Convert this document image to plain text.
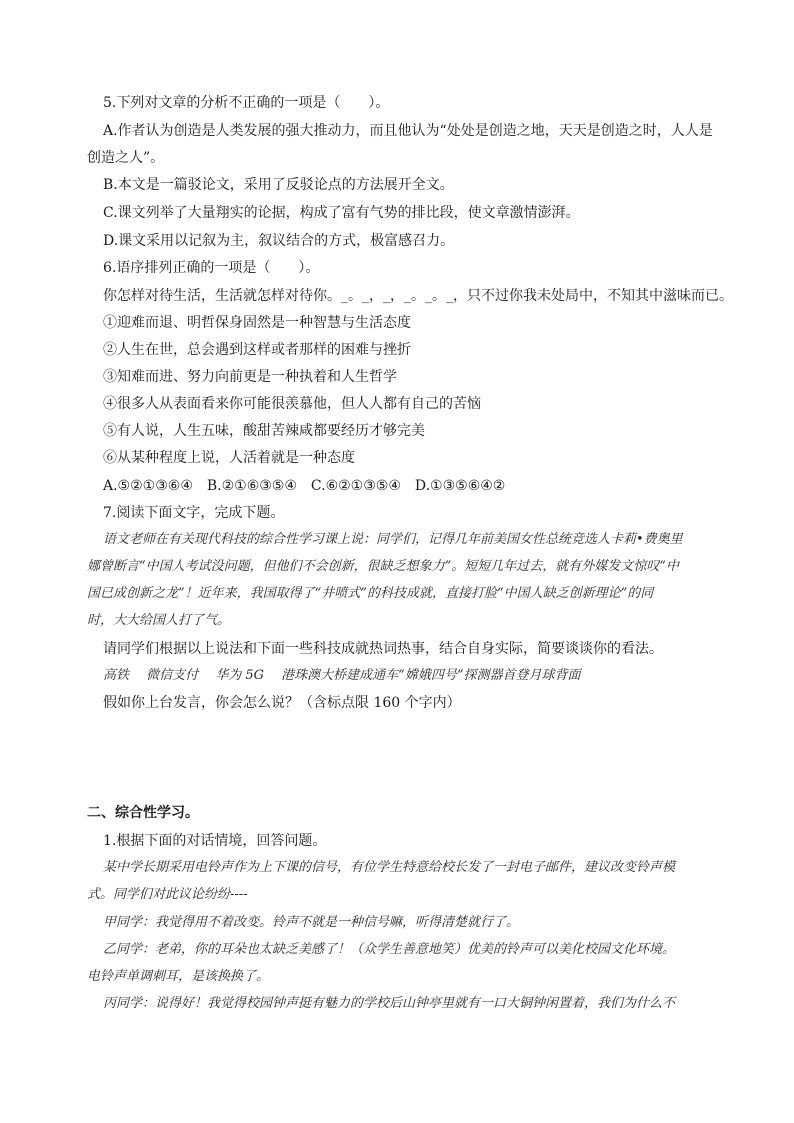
5.下列对文章的分析不正确的一项是（　　）。
A.作者认为创造是人类发展的强大推动力，而且他认为“处处是创造之地，天天是创造之时，人人是
创造之人”。
B.本文是一篇驳论文，采用了反驳论点的方法展开全文。
C.课文列举了大量翔实的论据，构成了富有气势的排比段，使文章激情澎湃。
D.课文采用以记叙为主，叙议结合的方式，极富感召力。
6.语序排列正确的一项是（　　）。
你怎样对待生活，生活就怎样对待你。_。_，_，_。_。_，只不过你我未处局中，不知其中滋味而已。
①迎难而退、明哲保身固然是一种智慧与生活态度
②人生在世，总会遇到这样或者那样的困难与挫折
③知难而进、努力向前更是一种执着和人生哲学
④很多人从表面看来你可能很羡慕他，但人人都有自己的苦恼
⑤有人说，人生五味，酸甜苦辣咸都要经历才够完美
⑥从某种程度上说，人活着就是一种态度
A.⑤②①③⑥④　B.②①⑥③⑤④　C.⑥②①③⑤④　D.①③⑤⑥④②
7.阅读下面文字，完成下题。
语文老师在有关现代科技的综合性学习课上说：同学们，记得几年前美国女性总统竞选人卡莉•费奥里
娜曾断言“中国人考试没问题，但他们不会创新，很缺乏想象力”。短短几年过去，就有外媒发文惊叹“中
国已成创新之龙”！近年来，我国取得了“井喷式”的科技成就，直接打脸“中国人缺乏创新理论”的同
时，大大给国人打了气。
请同学们根据以上说法和下面一些科技成就热词热事，结合自身实际，简要谈谈你的看法。
高铁　 微信支付　 华为 5G　 港珠澳大桥建成通车“嫦娥四号”探测器首登月球背面
假如你上台发言，你会怎么说？（含标点限 160 个字内）
二、综合性学习。
1.根据下面的对话情境，回答问题。
某中学长期采用电铃声作为上下课的信号，有位学生特意给校长发了一封电子邮件，建议改变铃声模
式。同学们对此议论纷纷----
甲同学：我觉得用不着改变。铃声不就是一种信号嘛，听得清楚就行了。
乙同学：老弟，你的耳朵也太缺乏美感了！（众学生善意地笑）优美的铃声可以美化校园文化环境。
电铃声单调刺耳，是该换换了。
丙同学：说得好！我觉得校园钟声挺有魅力的学校后山钟亭里就有一口大铜钟闲置着，我们为什么不
